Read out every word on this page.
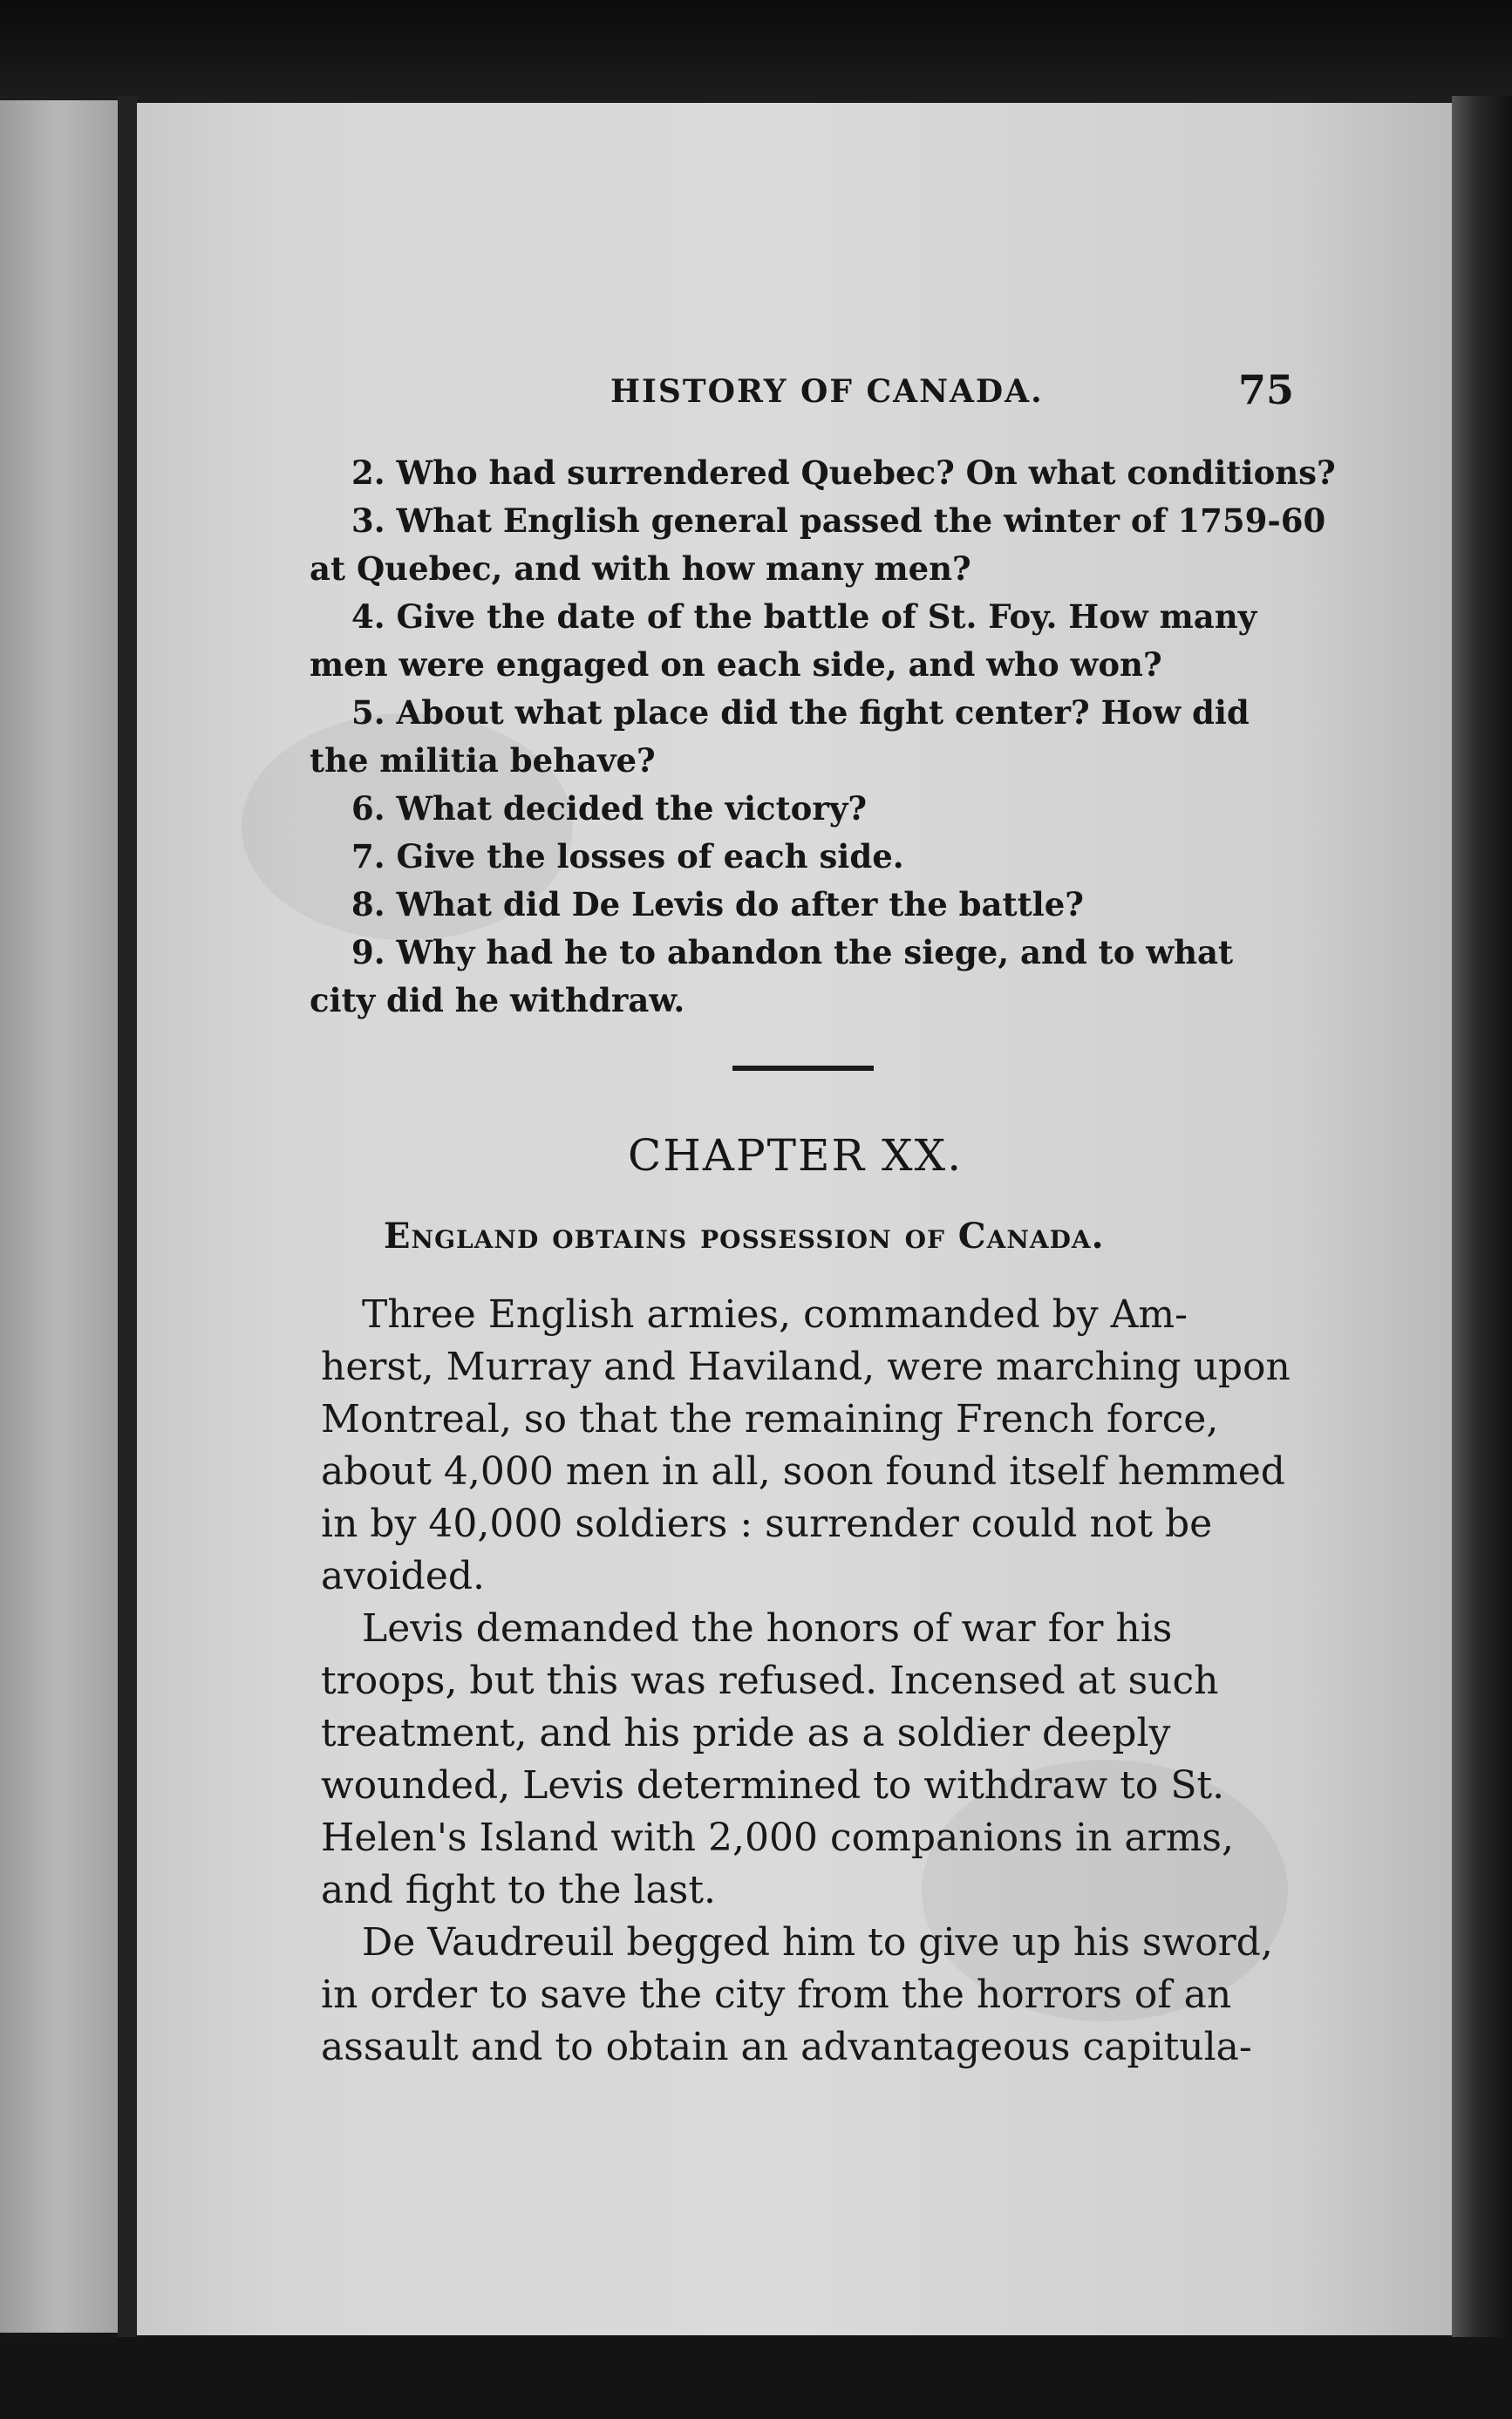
HISTORY OF CANADA.	75
2. Who had surrendered Quebec? On what conditions?
3. What English general passed the winter of 1759-60
at Quebec, and with how many men?
4. Give the date of the battle of St. Foy. How many
men were engaged on each side, and who won?
5. About what place did the fight center? How did
the militia behave?
6. What decided the victory?
7. Give the losses of each side.
8. What did De Levis do after the battle?
9. Why had he to abandon the siege, and to what
city did he withdraw.
CHAPTER XX.
England obtains possession of Canada.
Three English armies, commanded by Am-
herst, Murray and Haviland, were marching upon
Montreal, so that the remaining French force,
about 4,000 men in all, soon found itself hemmed
in by 40,000 soldiers : surrender could not be
avoided.
Levis demanded the honors of war for his
troops, but this was refused. Incensed at such
treatment, and his pride as a soldier deeply
wounded, Levis determined to withdraw to St.
Helen's Island with 2,000 companions in arms,
and fight to the last.
De Vaudreuil begged him to give up his sword,
in order to save the city from the horrors of an
assault and to obtain an advantageous capitula-
